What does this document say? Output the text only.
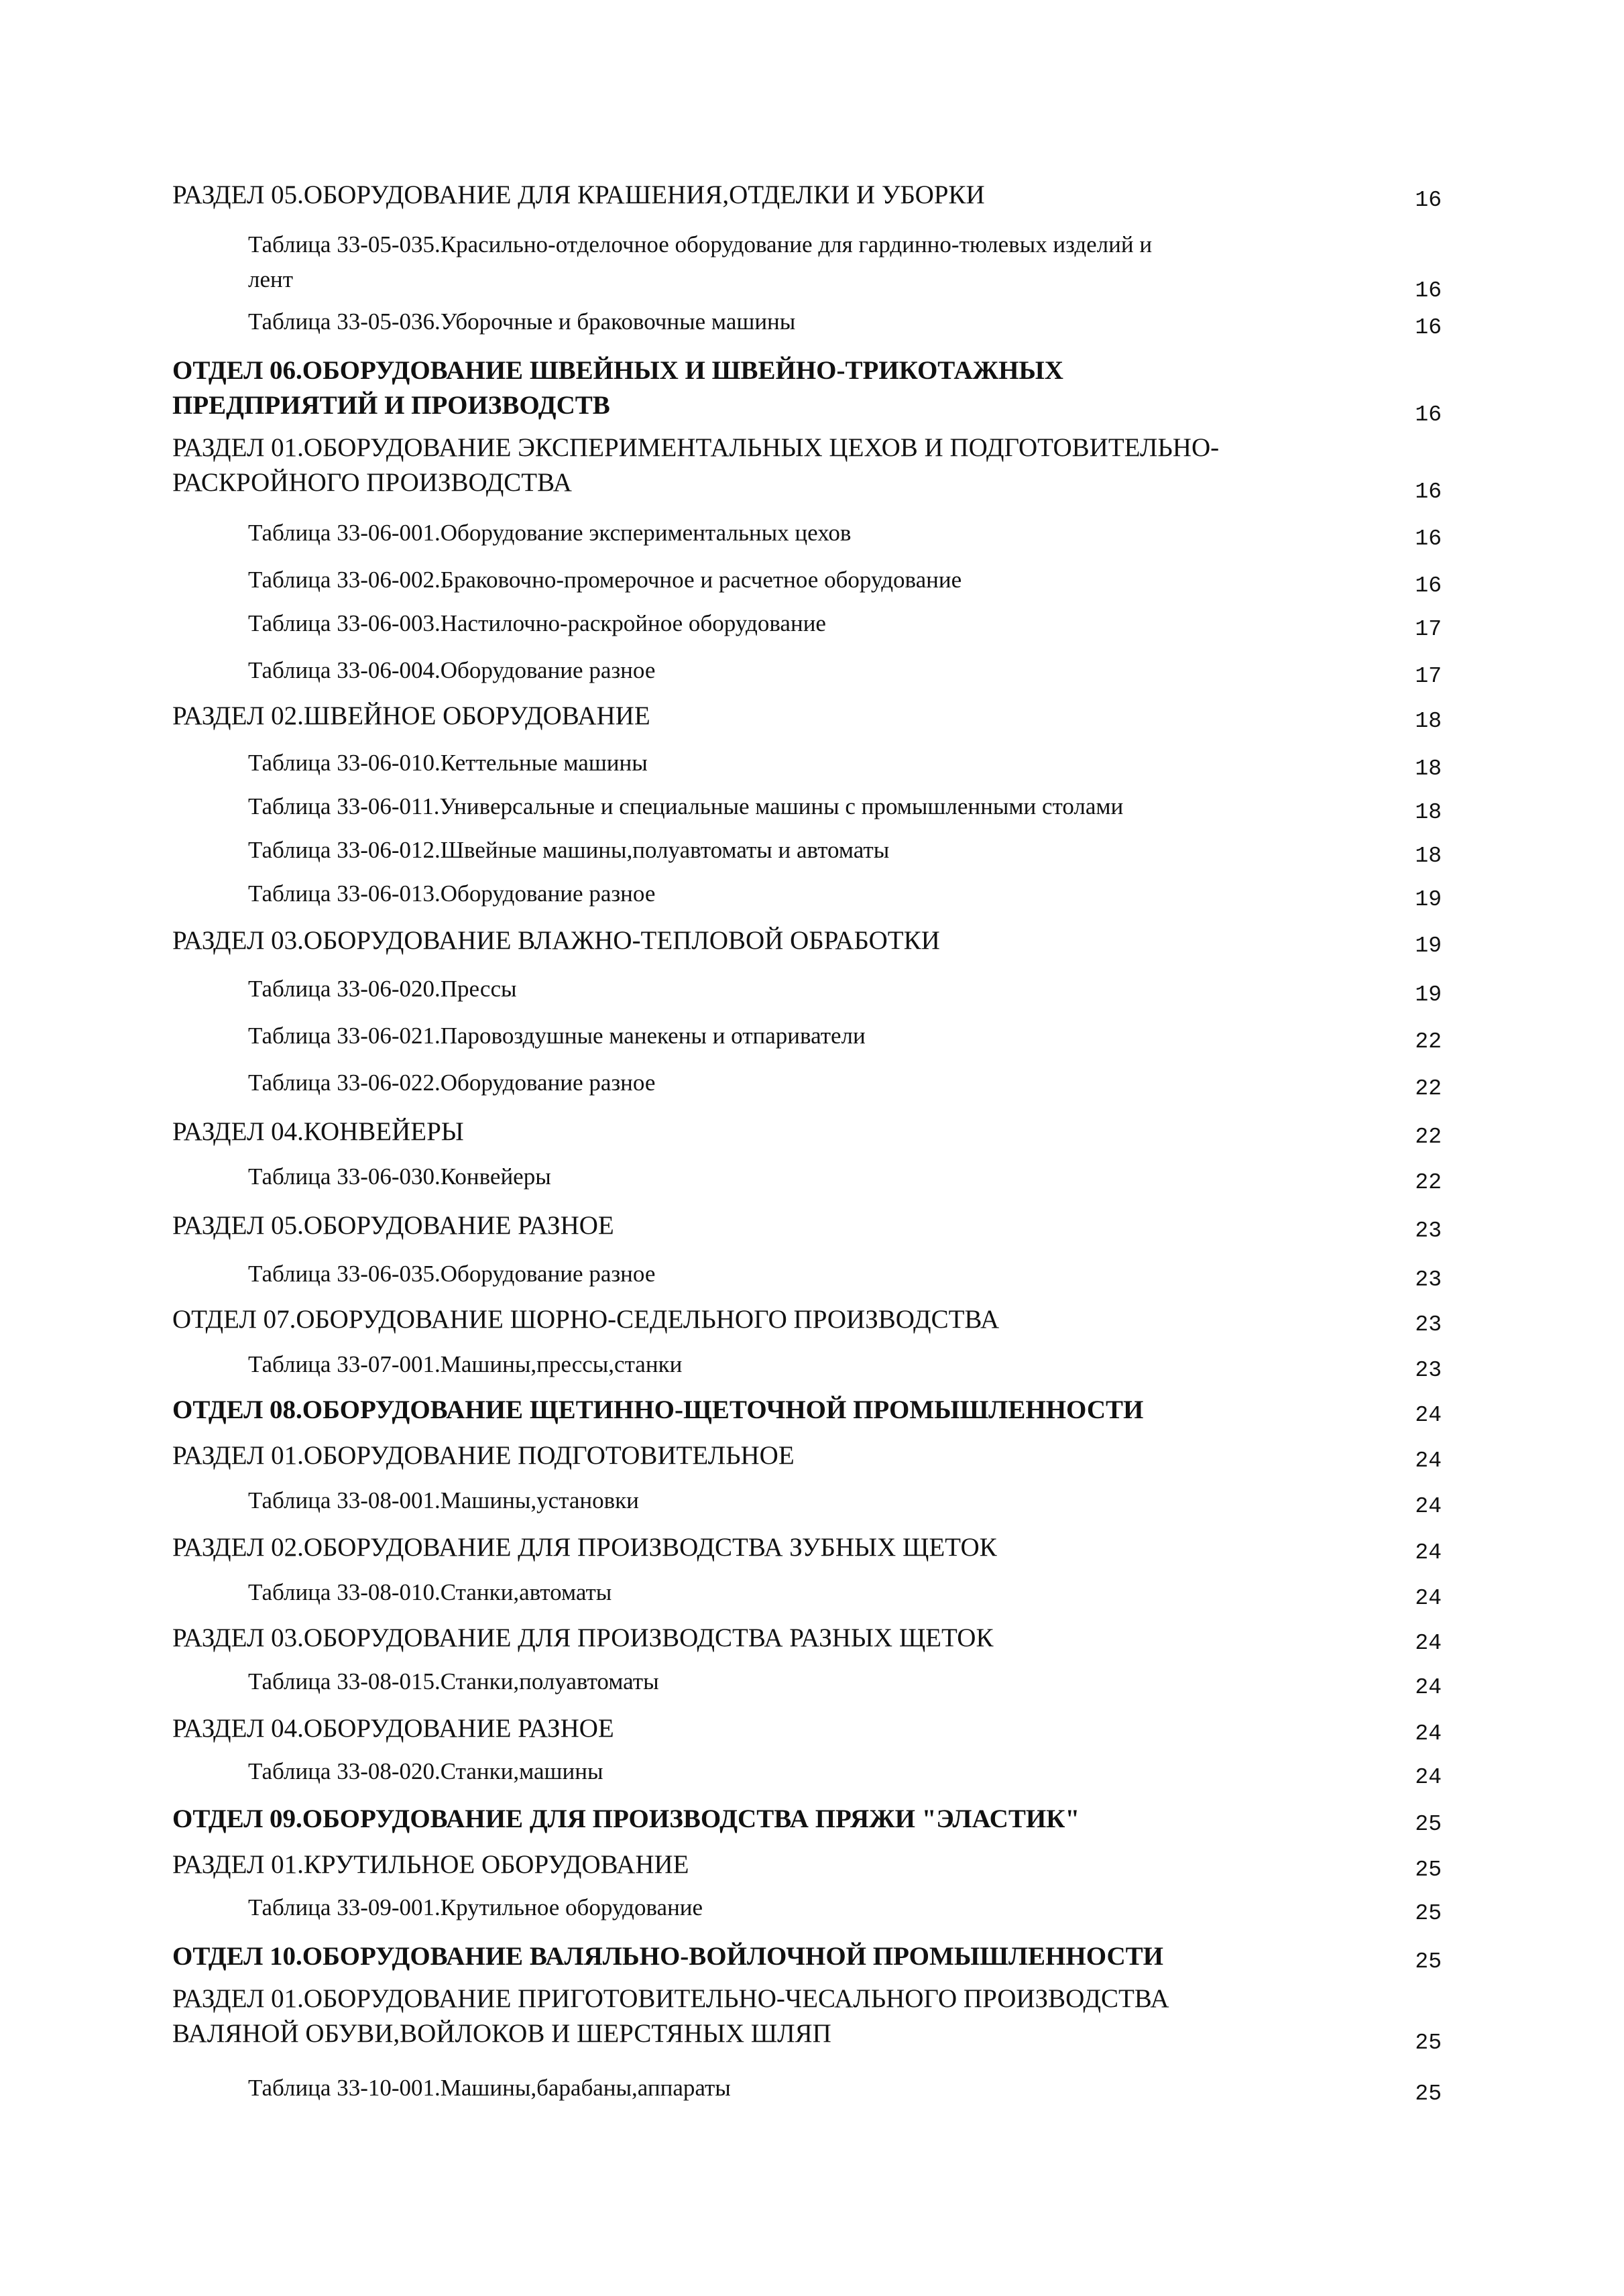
РАЗДЕЛ 05.ОБОРУДОВАНИЕ ДЛЯ КРАШЕНИЯ,ОТДЕЛКИ И УБОРКИ	16
Таблица 33-05-035.Красильно-отделочное оборудование для гардинно-тюлевых изделий и
лент	16
Таблица 33-05-036.Уборочные и браковочные машины	16
ОТДЕЛ 06.ОБОРУДОВАНИЕ ШВЕЙНЫХ И ШВЕЙНО-ТРИКОТАЖНЫХ
ПРЕДПРИЯТИЙ И ПРОИЗВОДСТВ	16
РАЗДЕЛ 01.ОБОРУДОВАНИЕ ЭКСПЕРИМЕНТАЛЬНЫХ ЦЕХОВ И ПОДГОТОВИТЕЛЬНО-
РАСКРОЙНОГО ПРОИЗВОДСТВА	16
Таблица 33-06-001.Оборудование экспериментальных цехов	16
Таблица 33-06-002.Браковочно-промерочное и расчетное оборудование	16
Таблица 33-06-003.Настилочно-раскройное оборудование	17
Таблица 33-06-004.Оборудование разное	17
РАЗДЕЛ 02.ШВЕЙНОЕ ОБОРУДОВАНИЕ	18
Таблица 33-06-010.Кеттельные машины	18
Таблица 33-06-011.Универсальные и специальные машины с промышленными столами	18
Таблица 33-06-012.Швейные машины,полуавтоматы и автоматы	18
Таблица 33-06-013.Оборудование разное	19
РАЗДЕЛ 03.ОБОРУДОВАНИЕ ВЛАЖНО-ТЕПЛОВОЙ ОБРАБОТКИ	19
Таблица 33-06-020.Прессы	19
Таблица 33-06-021.Паровоздушные манекены и отпариватели	22
Таблица 33-06-022.Оборудование разное	22
РАЗДЕЛ 04.КОНВЕЙЕРЫ	22
Таблица 33-06-030.Конвейеры	22
РАЗДЕЛ 05.ОБОРУДОВАНИЕ РАЗНОЕ	23
Таблица 33-06-035.Оборудование разное	23
ОТДЕЛ 07.ОБОРУДОВАНИЕ ШОРНО-СЕДЕЛЬНОГО ПРОИЗВОДСТВА	23
Таблица 33-07-001.Машины,прессы,станки	23
ОТДЕЛ 08.ОБОРУДОВАНИЕ ЩЕТИННО-ЩЕТОЧНОЙ ПРОМЫШЛЕННОСТИ	24
РАЗДЕЛ 01.ОБОРУДОВАНИЕ ПОДГОТОВИТЕЛЬНОЕ	24
Таблица 33-08-001.Машины,установки	24
РАЗДЕЛ 02.ОБОРУДОВАНИЕ ДЛЯ ПРОИЗВОДСТВА ЗУБНЫХ ЩЕТОК	24
Таблица 33-08-010.Станки,автоматы	24
РАЗДЕЛ 03.ОБОРУДОВАНИЕ ДЛЯ ПРОИЗВОДСТВА РАЗНЫХ ЩЕТОК	24
Таблица 33-08-015.Станки,полуавтоматы	24
РАЗДЕЛ 04.ОБОРУДОВАНИЕ РАЗНОЕ	24
Таблица 33-08-020.Станки,машины	24
ОТДЕЛ 09.ОБОРУДОВАНИЕ ДЛЯ ПРОИЗВОДСТВА ПРЯЖИ "ЭЛАСТИК"	25
РАЗДЕЛ 01.КРУТИЛЬНОЕ ОБОРУДОВАНИЕ	25
Таблица 33-09-001.Крутильное оборудование	25
ОТДЕЛ 10.ОБОРУДОВАНИЕ ВАЛЯЛЬНО-ВОЙЛОЧНОЙ ПРОМЫШЛЕННОСТИ	25
РАЗДЕЛ 01.ОБОРУДОВАНИЕ ПРИГОТОВИТЕЛЬНО-ЧЕСАЛЬНОГО ПРОИЗВОДСТВА
ВАЛЯНОЙ ОБУВИ,ВОЙЛОКОВ И ШЕРСТЯНЫХ ШЛЯП	25
Таблица 33-10-001.Машины,барабаны,аппараты	25
